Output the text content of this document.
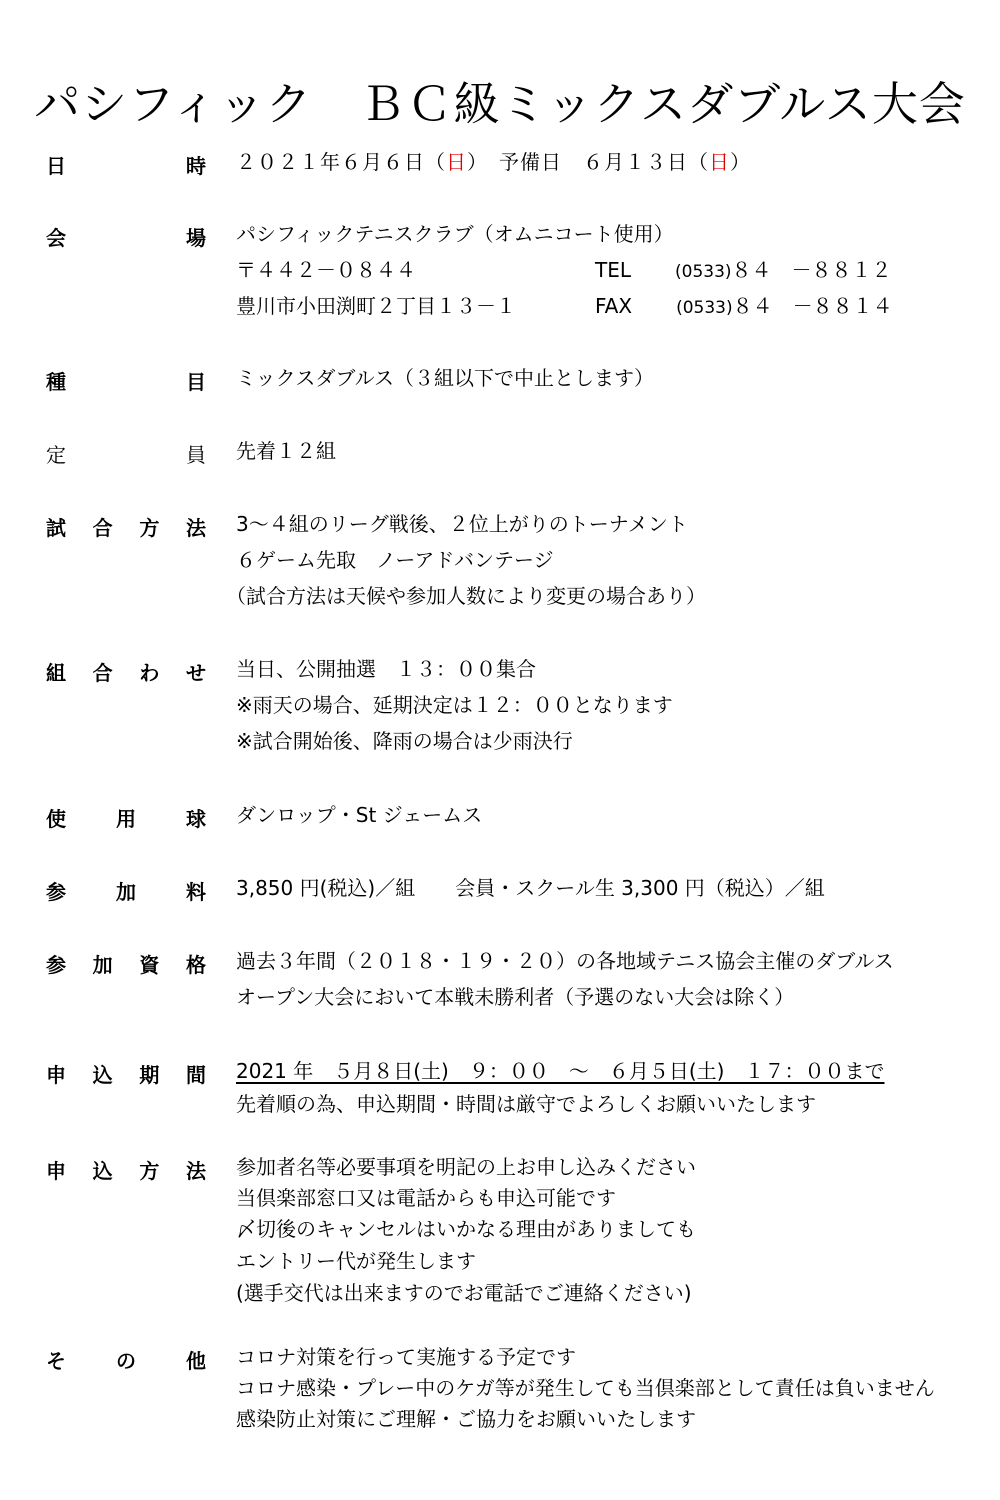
パシフィック　ＢＣ級ミックスダブルス大会
日	時 ２０２１年６月６日（日）　予備日　６月１３日（日）
会	場 パシフィックテニスクラブ（オムニコート使用）
〒４４２－０８４４	TEL	(0533)８４　－８８１２
豊川市小田渕町２丁目１３－１	FAX	(0533)８４　－８８１４
種	目 ミックスダブルス（３組以下で中止とします）
定	員 先着１２組
試 合 方 法 3～４組のリーグ戦後、２位上がりのトーナメント
６ゲーム先取　ノーアドバンテージ
（試合方法は天候や参加人数により変更の場合あり）
組 合 わ せ 当日、公開抽選　１３：００集合
※雨天の場合、延期決定は１２：００となります
※試合開始後、降雨の場合は少雨決行
使	用	球 ダンロップ・St ジェームス
参	加	料 3,850 円(税込)／組　　会員・スクール生 3,300 円（税込）／組
参 加 資 格 過去３年間（２０１８・１９・２０）の各地域テニス協会主催のダブルス
オープン大会において本戦未勝利者（予選のない大会は除く）
申 込 期 間 2021 年　５月８日(土)　９：００　～　６月５日(土)　１７：００まで
先着順の為、申込期間・時間は厳守でよろしくお願いいたします
申 込 方 法 参加者名等必要事項を明記の上お申し込みください
当倶楽部窓口又は電話からも申込可能です
〆切後のキャンセルはいかなる理由がありましても
エントリー代が発生します
(選手交代は出来ますのでお電話でご連絡ください)
そ	の	他 コロナ対策を行って実施する予定です
コロナ感染・プレー中のケガ等が発生しても当倶楽部として責任は負いません
感染防止対策にご理解・ご協力をお願いいたします
